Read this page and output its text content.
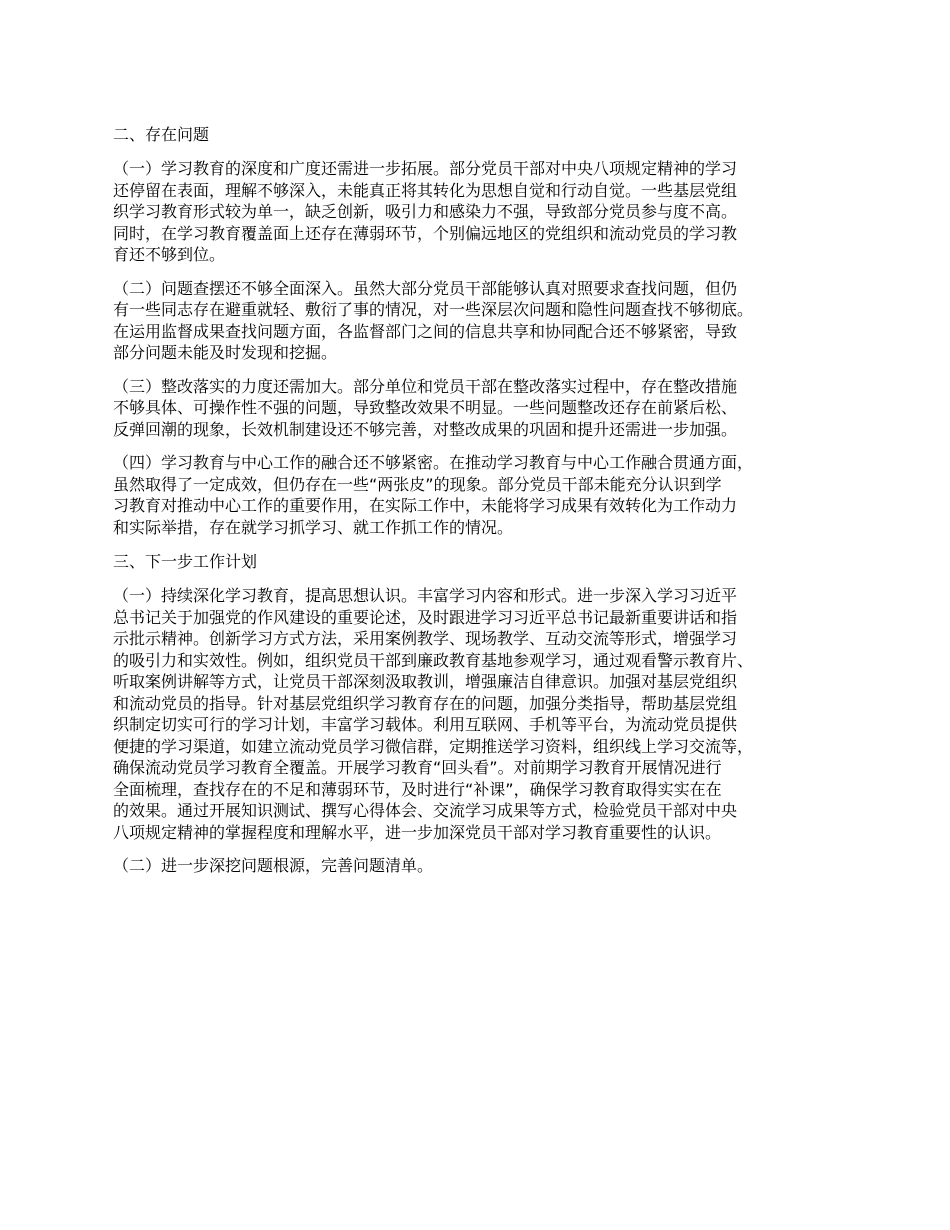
二、存在问题
（一）学习教育的深度和广度还需进一步拓展。部分党员干部对中央八项规定精神的学习
还停留在表面，理解不够深入，未能真正将其转化为思想自觉和行动自觉。一些基层党组
织学习教育形式较为单一，缺乏创新，吸引力和感染力不强，导致部分党员参与度不高。
同时，在学习教育覆盖面上还存在薄弱环节，个别偏远地区的党组织和流动党员的学习教
育还不够到位。
（二）问题查摆还不够全面深入。虽然大部分党员干部能够认真对照要求查找问题，但仍
有一些同志存在避重就轻、敷衍了事的情况，对一些深层次问题和隐性问题查找不够彻底。
在运用监督成果查找问题方面，各监督部门之间的信息共享和协同配合还不够紧密，导致
部分问题未能及时发现和挖掘。
（三）整改落实的力度还需加大。部分单位和党员干部在整改落实过程中，存在整改措施
不够具体、可操作性不强的问题，导致整改效果不明显。一些问题整改还存在前紧后松、
反弹回潮的现象，长效机制建设还不够完善，对整改成果的巩固和提升还需进一步加强。
（四）学习教育与中心工作的融合还不够紧密。在推动学习教育与中心工作融合贯通方面，
虽然取得了一定成效，但仍存在一些“两张皮”的现象。部分党员干部未能充分认识到学
习教育对推动中心工作的重要作用，在实际工作中，未能将学习成果有效转化为工作动力
和实际举措，存在就学习抓学习、就工作抓工作的情况。
三、下一步工作计划
（一）持续深化学习教育，提高思想认识。丰富学习内容和形式。进一步深入学习习近平
总书记关于加强党的作风建设的重要论述，及时跟进学习习近平总书记最新重要讲话和指
示批示精神。创新学习方式方法，采用案例教学、现场教学、互动交流等形式，增强学习
的吸引力和实效性。例如，组织党员干部到廉政教育基地参观学习，通过观看警示教育片、
听取案例讲解等方式，让党员干部深刻汲取教训，增强廉洁自律意识。加强对基层党组织
和流动党员的指导。针对基层党组织学习教育存在的问题，加强分类指导，帮助基层党组
织制定切实可行的学习计划，丰富学习载体。利用互联网、手机等平台，为流动党员提供
便捷的学习渠道，如建立流动党员学习微信群，定期推送学习资料，组织线上学习交流等，
确保流动党员学习教育全覆盖。开展学习教育“回头看”。对前期学习教育开展情况进行
全面梳理，查找存在的不足和薄弱环节，及时进行“补课”，确保学习教育取得实实在在
的效果。通过开展知识测试、撰写心得体会、交流学习成果等方式，检验党员干部对中央
八项规定精神的掌握程度和理解水平，进一步加深党员干部对学习教育重要性的认识。
（二）进一步深挖问题根源，完善问题清单。
